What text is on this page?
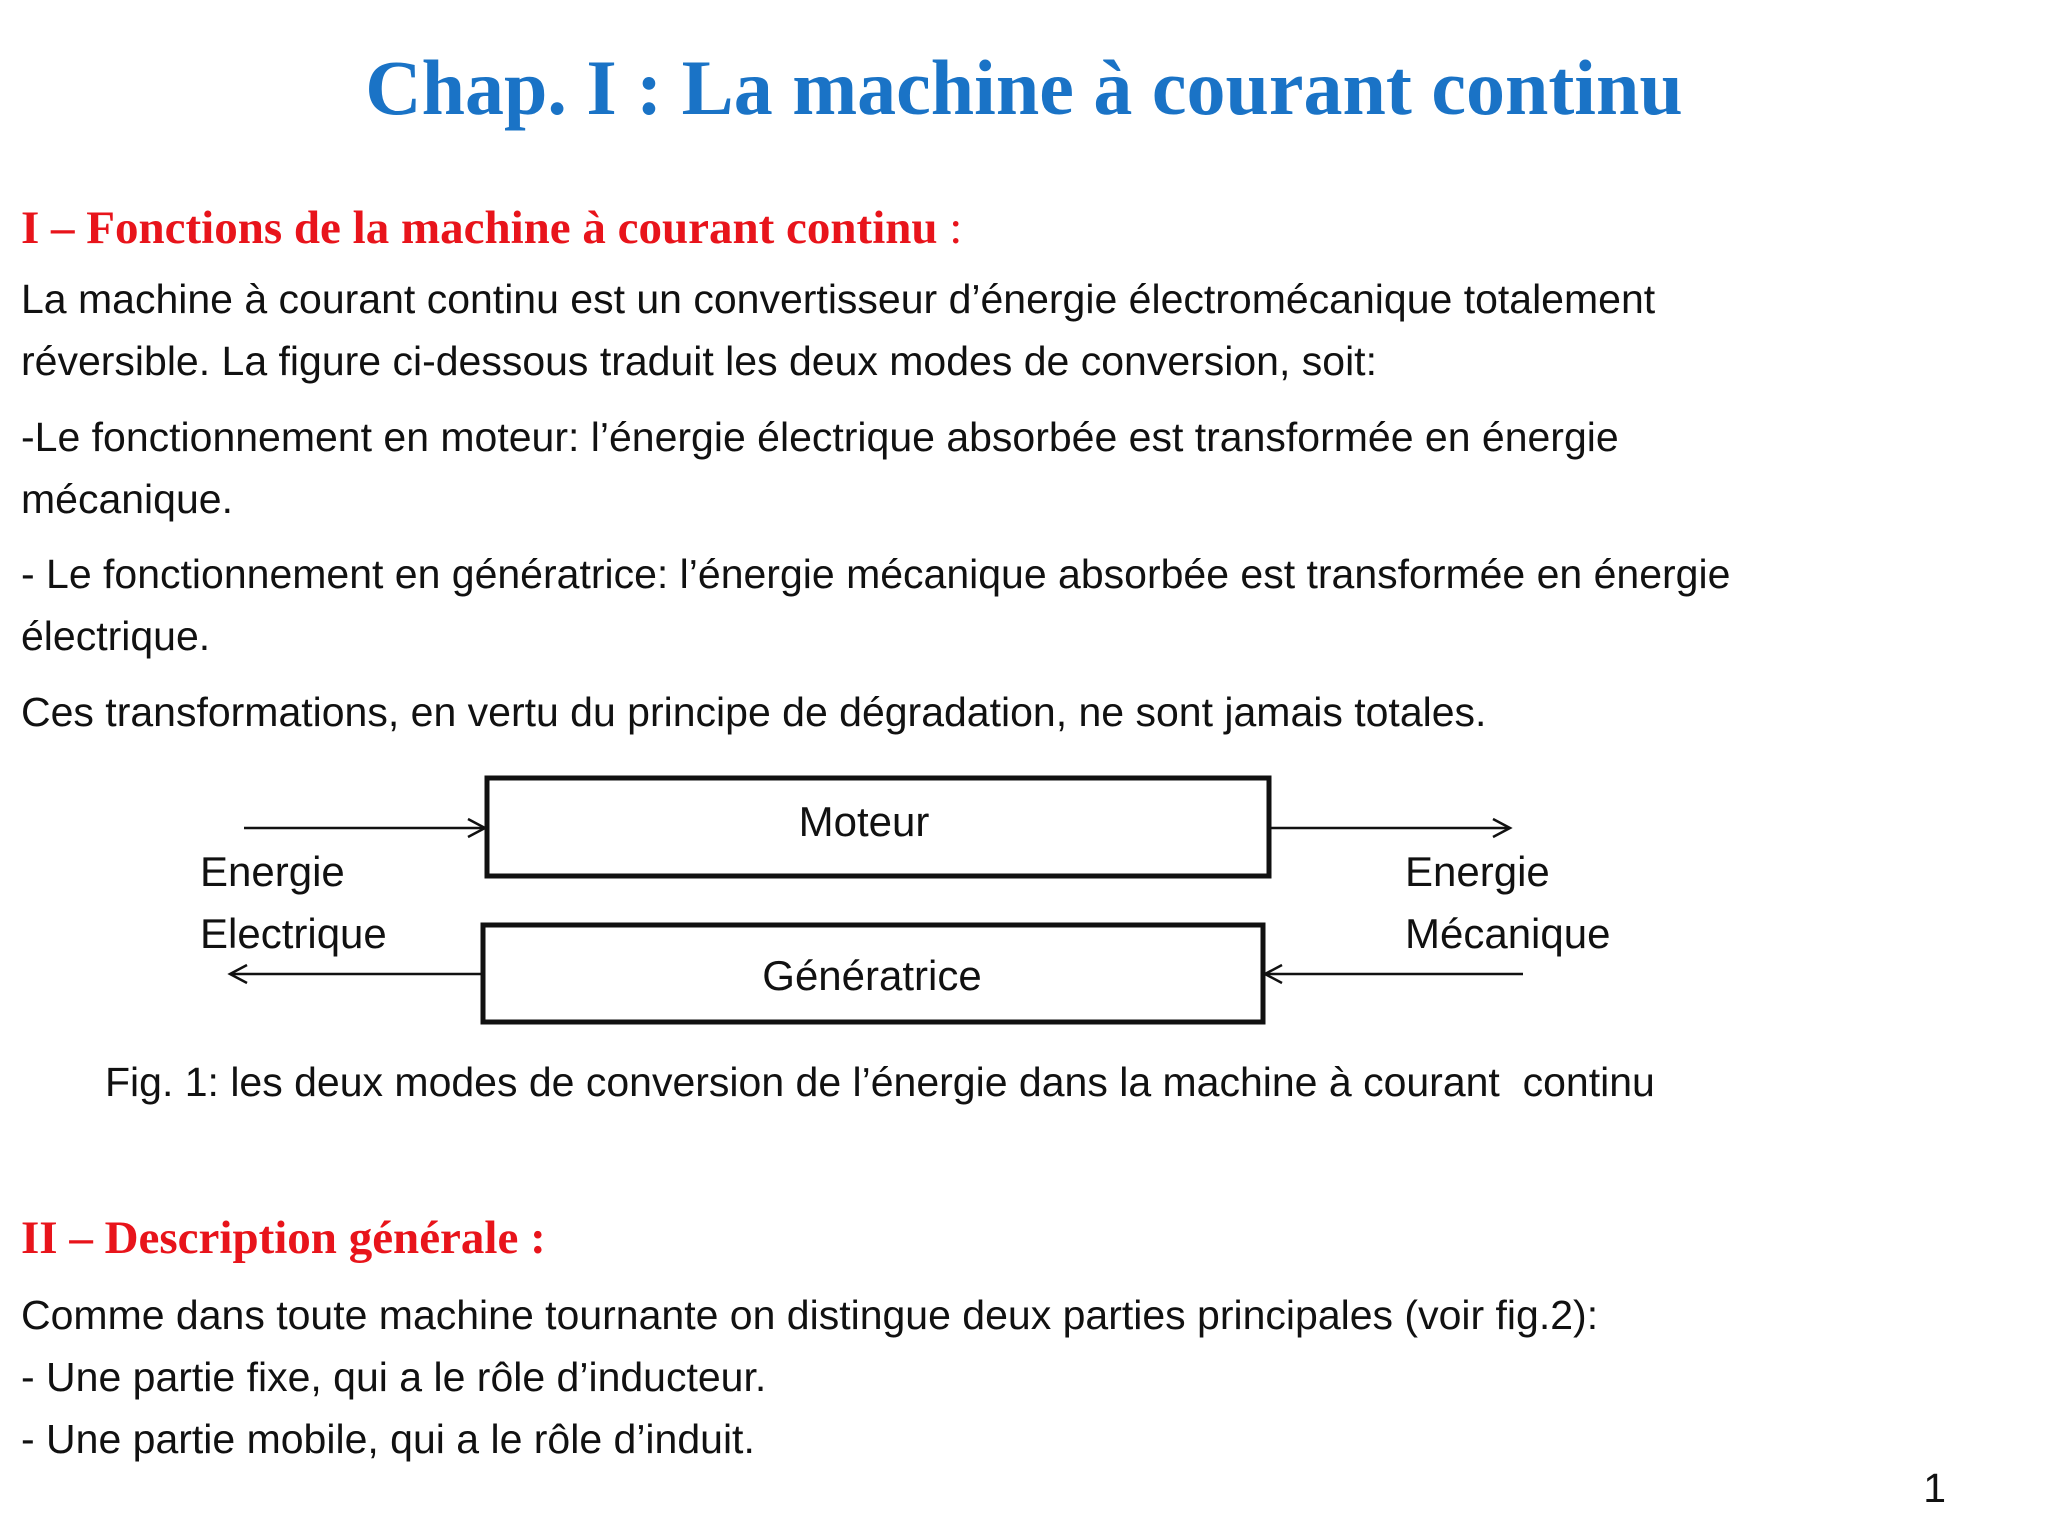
Chap. I : La machine à courant continu
I – Fonctions de la machine à courant continu :
La machine à courant continu est un convertisseur d’énergie électromécanique totalement
réversible. La figure ci-dessous traduit les deux modes de conversion, soit:
-Le fonctionnement en moteur: l’énergie électrique absorbée est transformée en énergie
mécanique.
- Le fonctionnement en génératrice: l’énergie mécanique absorbée est transformée en énergie
électrique.
Ces transformations, en vertu du principe de dégradation, ne sont jamais totales.
Moteur
Génératrice
Energie
Electrique
Energie
Mécanique
Fig. 1: les deux modes de conversion de l’énergie dans la machine à courant  continu
II – Description générale :
Comme dans toute machine tournante on distingue deux parties principales (voir fig.2):
- Une partie fixe, qui a le rôle d’inducteur.
- Une partie mobile, qui a le rôle d’induit.
1
